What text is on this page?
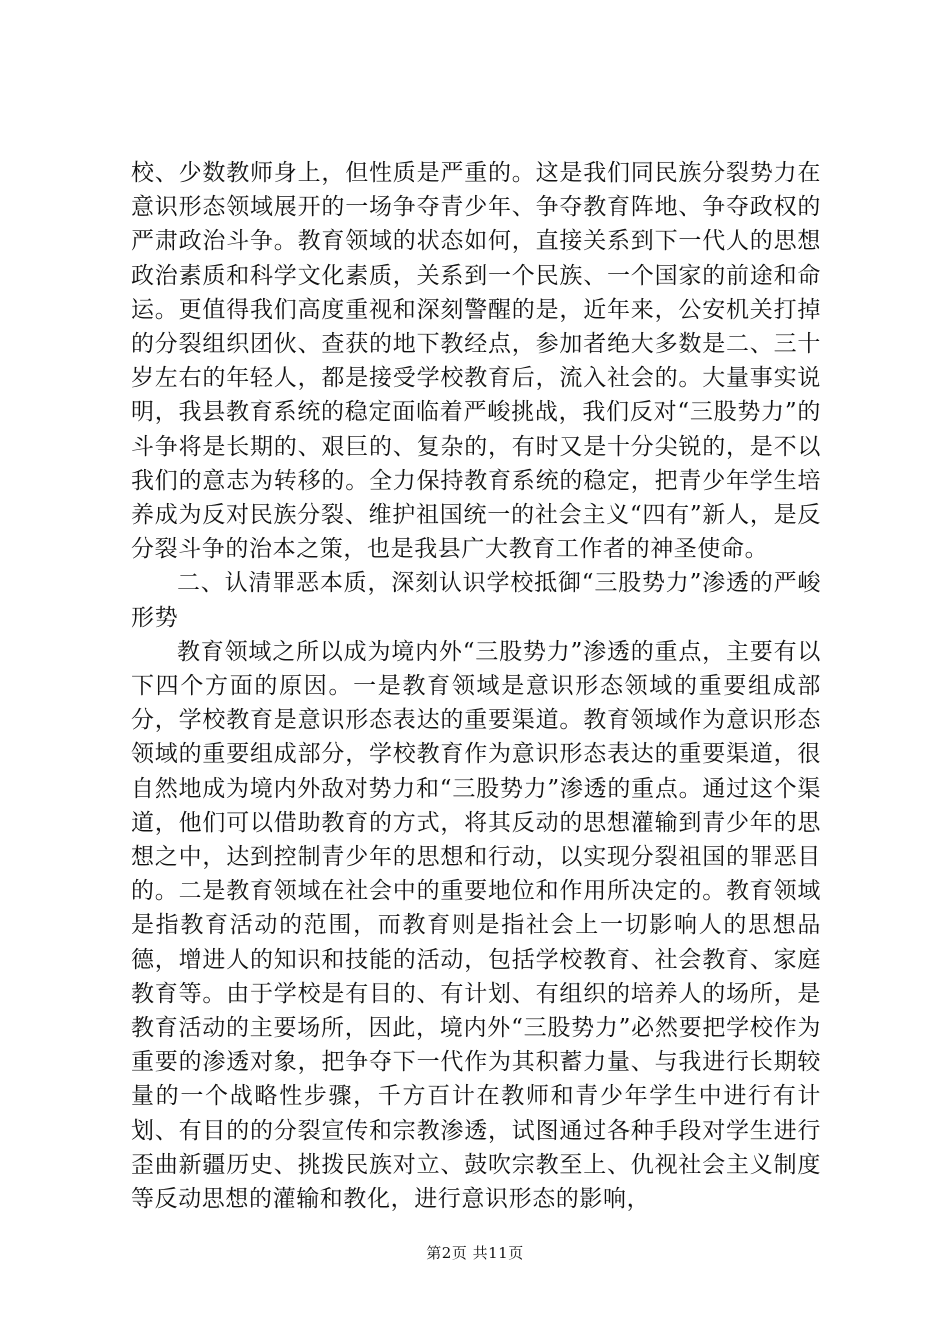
校、少数教师身上，但性质是严重的。这是我们同民族分裂势力在意识形态领域展开的一场争夺青少年、争夺教育阵地、争夺政权的严肃政治斗争。教育领域的状态如何，直接关系到下一代人的思想政治素质和科学文化素质，关系到一个民族、一个国家的前途和命运。更值得我们高度重视和深刻警醒的是，近年来，公安机关打掉的分裂组织团伙、查获的地下教经点，参加者绝大多数是二、三十岁左右的年轻人，都是接受学校教育后，流入社会的。大量事实说明，我县教育系统的稳定面临着严峻挑战，我们反对“三股势力”的斗争将是长期的、艰巨的、复杂的，有时又是十分尖锐的，是不以我们的意志为转移的。全力保持教育系统的稳定，把青少年学生培养成为反对民族分裂、维护祖国统一的社会主义“四有”新人，是反分裂斗争的治本之策，也是我县广大教育工作者的神圣使命。

二、认清罪恶本质，深刻认识学校抵御“三股势力”渗透的严峻形势

教育领域之所以成为境内外“三股势力”渗透的重点，主要有以下四个方面的原因。一是教育领域是意识形态领域的重要组成部分，学校教育是意识形态表达的重要渠道。教育领域作为意识形态领域的重要组成部分，学校教育作为意识形态表达的重要渠道，很自然地成为境内外敌对势力和“三股势力”渗透的重点。通过这个渠道，他们可以借助教育的方式，将其反动的思想灌输到青少年的思想之中，达到控制青少年的思想和行动，以实现分裂祖国的罪恶目的。二是教育领域在社会中的重要地位和作用所决定的。教育领域是指教育活动的范围，而教育则是指社会上一切影响人的思想品德，增进人的知识和技能的活动，包括学校教育、社会教育、家庭教育等。由于学校是有目的、有计划、有组织的培养人的场所，是教育活动的主要场所，因此，境内外“三股势力”必然要把学校作为重要的渗透对象，把争夺下一代作为其积蓄力量、与我进行长期较量的一个战略性步骤，千方百计在教师和青少年学生中进行有计划、有目的的分裂宣传和宗教渗透，试图通过各种手段对学生进行歪曲新疆历史、挑拨民族对立、鼓吹宗教至上、仇视社会主义制度等反动思想的灌输和教化，进行意识形态的影响，

第2页 共11页
